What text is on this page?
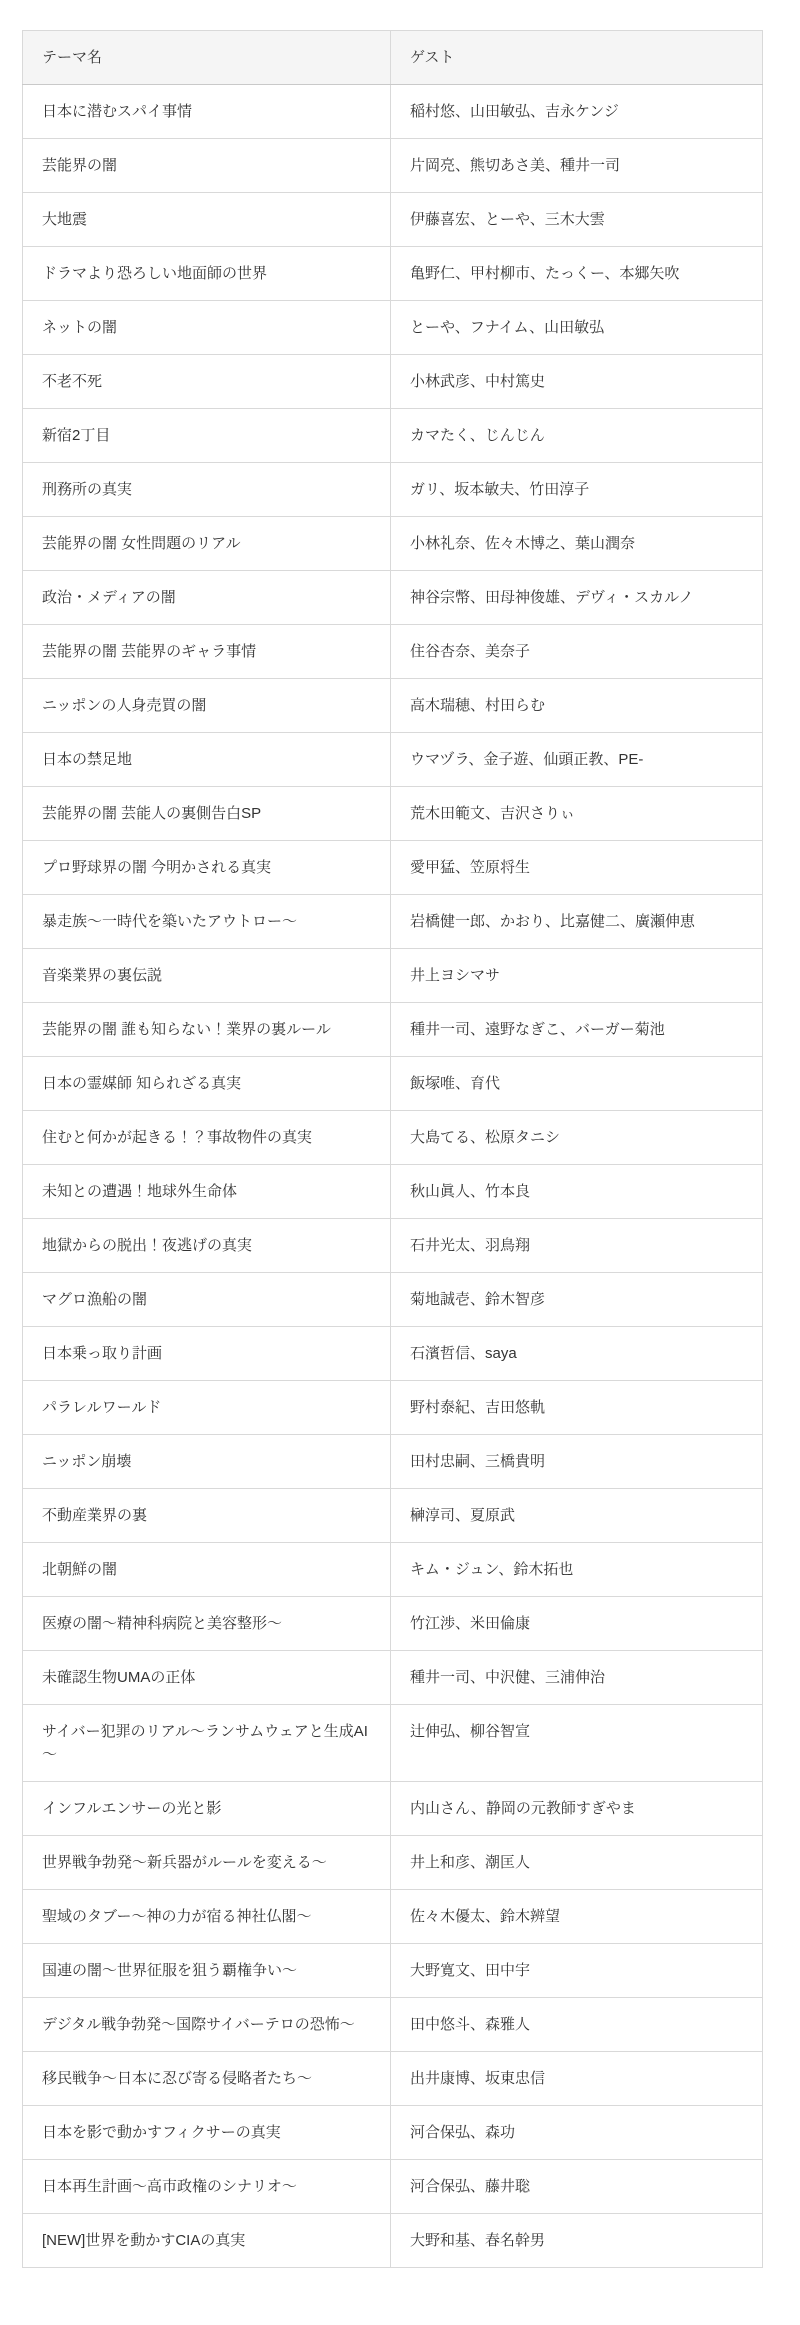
テーマ名	ゲスト
日本に潜むスパイ事情	稲村悠、山田敏弘、吉永ケンジ
芸能界の闇	片岡亮、熊切あさ美、種井一司
大地震	伊藤喜宏、とーや、三木大雲
ドラマより恐ろしい地面師の世界	亀野仁、甲村柳市、たっくー、本郷矢吹
ネットの闇	とーや、フナイム、山田敏弘
不老不死	小林武彦、中村篤史
新宿2丁目	カマたく、じんじん
刑務所の真実	ガリ、坂本敏夫、竹田淳子
芸能界の闇 女性問題のリアル	小林礼奈、佐々木博之、葉山潤奈
政治・メディアの闇	神谷宗幣、田母神俊雄、デヴィ・スカルノ
芸能界の闇 芸能界のギャラ事情	住谷杏奈、美奈子
ニッポンの人身売買の闇	高木瑞穂、村田らむ
日本の禁足地	ウマヅラ、金子遊、仙頭正教、PE-
芸能界の闇 芸能人の裏側告白SP	荒木田範文、吉沢さりぃ
プロ野球界の闇 今明かされる真実	愛甲猛、笠原将生
暴走族～一時代を築いたアウトロー～	岩橋健一郎、かおり、比嘉健二、廣瀬伸恵
音楽業界の裏伝説	井上ヨシマサ
芸能界の闇 誰も知らない！業界の裏ルール	種井一司、遠野なぎこ、バーガー菊池
日本の霊媒師 知られざる真実	飯塚唯、育代
住むと何かが起きる！？事故物件の真実	大島てる、松原タニシ
未知との遭遇！地球外生命体	秋山眞人、竹本良
地獄からの脱出！夜逃げの真実	石井光太、羽鳥翔
マグロ漁船の闇	菊地誠壱、鈴木智彦
日本乗っ取り計画	石濱哲信、saya
パラレルワールド	野村泰紀、吉田悠軌
ニッポン崩壊	田村忠嗣、三橋貴明
不動産業界の裏	榊淳司、夏原武
北朝鮮の闇	キム・ジュン、鈴木拓也
医療の闇～精神科病院と美容整形～	竹江渉、米田倫康
未確認生物UMAの正体	種井一司、中沢健、三浦伸治
サイバー犯罪のリアル～ランサムウェアと生成AI～	辻伸弘、柳谷智宣
インフルエンサーの光と影	内山さん、静岡の元教師すぎやま
世界戦争勃発～新兵器がルールを変える～	井上和彦、潮匡人
聖域のタブー～神の力が宿る神社仏閣～	佐々木優太、鈴木辨望
国連の闇～世界征服を狙う覇権争い～	大野寛文、田中宇
デジタル戦争勃発～国際サイバーテロの恐怖～	田中悠斗、森雅人
移民戦争～日本に忍び寄る侵略者たち～	出井康博、坂東忠信
日本を影で動かすフィクサーの真実	河合保弘、森功
日本再生計画～高市政権のシナリオ～	河合保弘、藤井聡
[NEW]世界を動かすCIAの真実	大野和基、春名幹男
